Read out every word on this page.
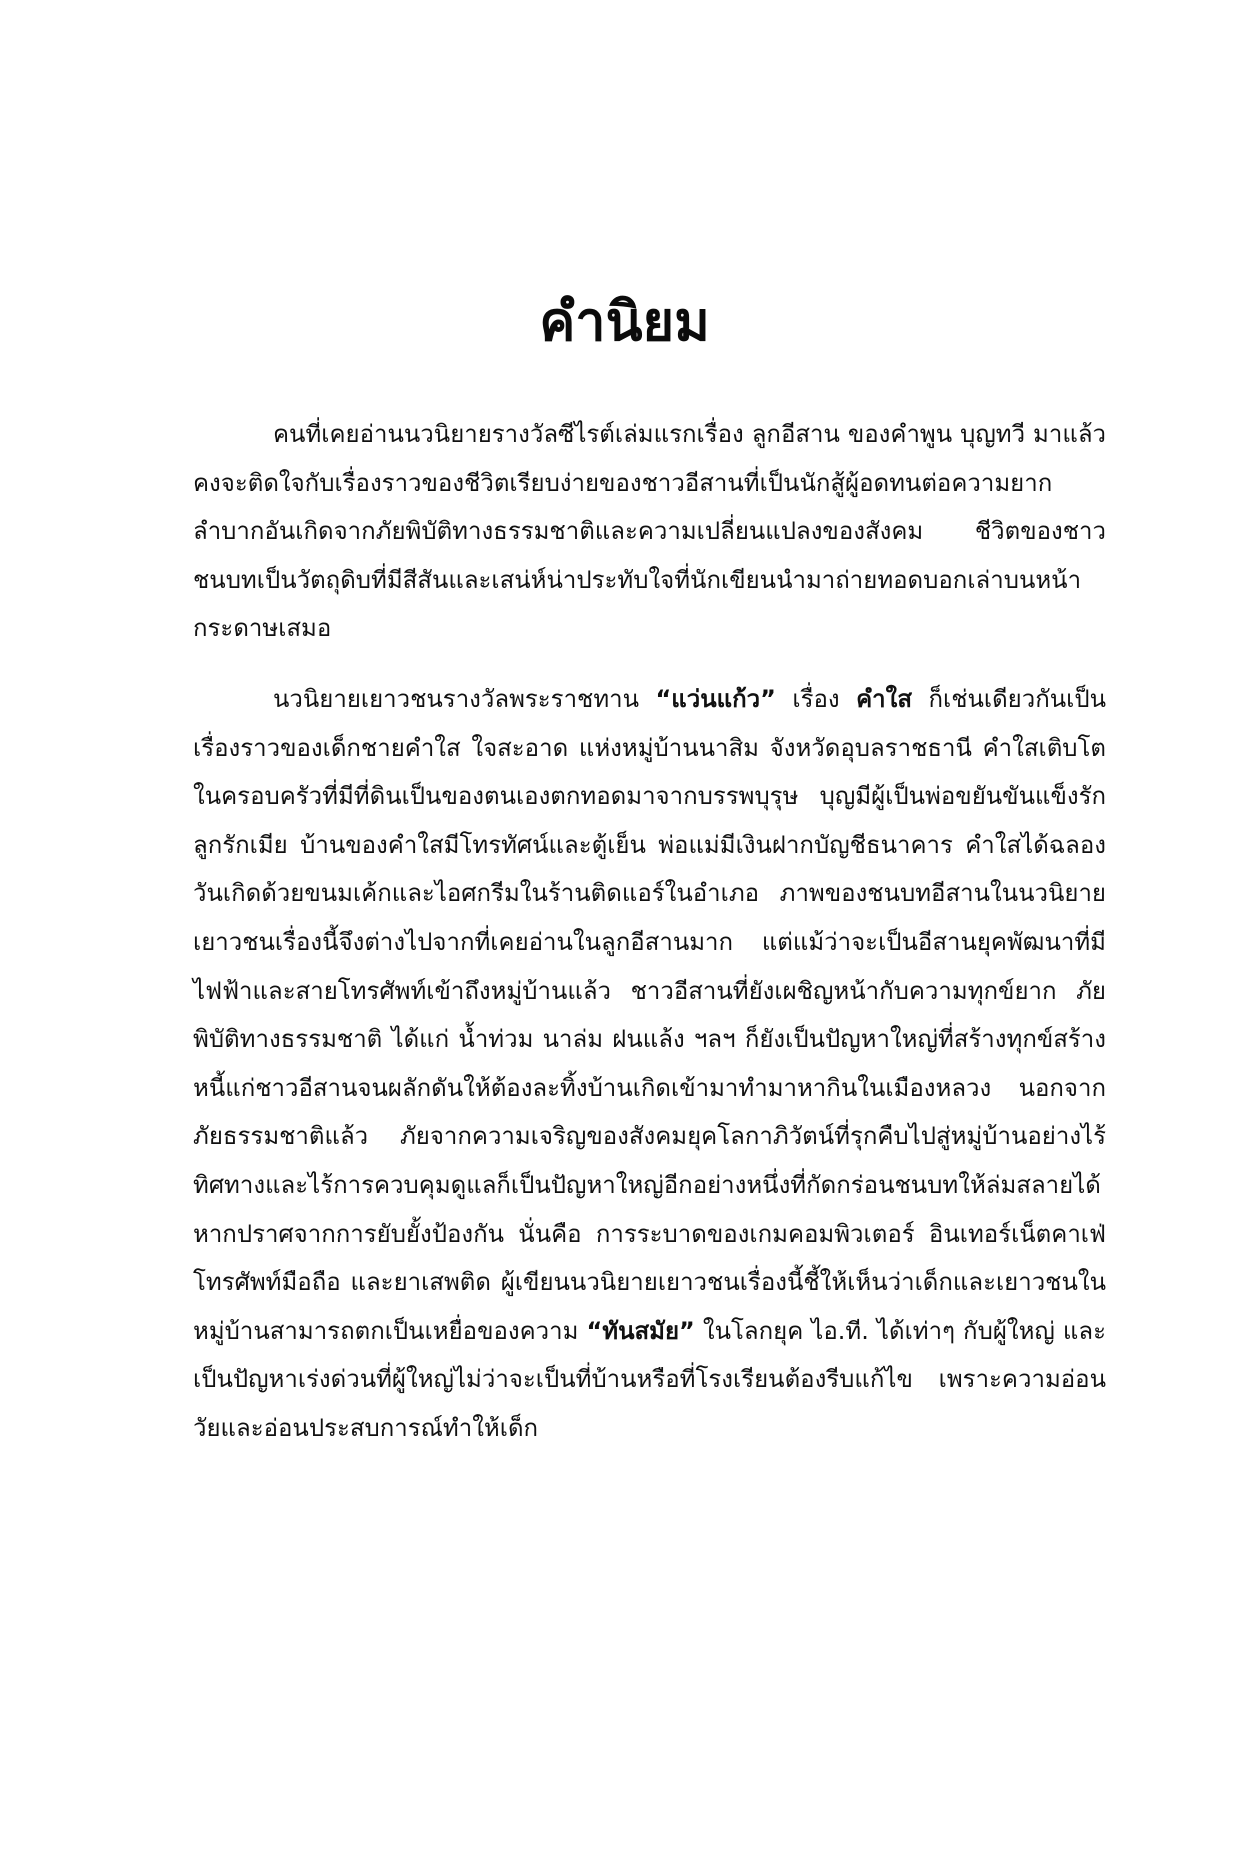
คำนิยม

คนที่เคยอ่านนวนิยายรางวัลซีไรต์เล่มแรกเรื่อง ลูกอีสาน ของคำพูน บุญทวี มาแล้ว คงจะติดใจกับเรื่องราวของชีวิตเรียบง่ายของชาวอีสานที่เป็นนักสู้ผู้อดทนต่อความยากลำบากอันเกิดจากภัยพิบัติทางธรรมชาติและความเปลี่ยนแปลงของสังคม ชีวิตของชาวชนบทเป็นวัตถุดิบที่มีสีสันและเสน่ห์น่าประทับใจที่นักเขียนนำมาถ่ายทอดบอกเล่าบนหน้ากระดาษเสมอ

นวนิยายเยาวชนรางวัลพระราชทาน “แว่นแก้ว” เรื่อง คำใส ก็เช่นเดียวกันเป็นเรื่องราวของเด็กชายคำใส ใจสะอาด แห่งหมู่บ้านนาสิม จังหวัดอุบลราชธานี คำใสเติบโตในครอบครัวที่มีที่ดินเป็นของตนเองตกทอดมาจากบรรพบุรุษ บุญมีผู้เป็นพ่อขยันขันแข็งรักลูกรักเมีย บ้านของคำใสมีโทรทัศน์และตู้เย็น พ่อแม่มีเงินฝากบัญชีธนาคาร คำใสได้ฉลองวันเกิดด้วยขนมเค้กและไอศกรีมในร้านติดแอร์ในอำเภอ ภาพของชนบทอีสานในนวนิยายเยาวชนเรื่องนี้จึงต่างไปจากที่เคยอ่านในลูกอีสานมาก แต่แม้ว่าจะเป็นอีสานยุคพัฒนาที่มีไฟฟ้าและสายโทรศัพท์เข้าถึงหมู่บ้านแล้ว ชาวอีสานที่ยังเผชิญหน้ากับความทุกข์ยาก ภัยพิบัติทางธรรมชาติ ได้แก่ น้ำท่วม นาล่ม ฝนแล้ง ฯลฯ ก็ยังเป็นปัญหาใหญ่ที่สร้างทุกข์สร้างหนี้แก่ชาวอีสานจนผลักดันให้ต้องละทิ้งบ้านเกิดเข้ามาทำมาหากินในเมืองหลวง นอกจากภัยธรรมชาติแล้ว ภัยจากความเจริญของสังคมยุคโลกาภิวัตน์ที่รุกคืบไปสู่หมู่บ้านอย่างไร้ทิศทางและไร้การควบคุมดูแลก็เป็นปัญหาใหญ่อีกอย่างหนึ่งที่กัดกร่อนชนบทให้ล่มสลายได้หากปราศจากการยับยั้งป้องกัน นั่นคือ การระบาดของเกมคอมพิวเตอร์ อินเทอร์เน็ตคาเฟ่ โทรศัพท์มือถือ และยาเสพติด ผู้เขียนนวนิยายเยาวชนเรื่องนี้ชี้ให้เห็นว่าเด็กและเยาวชนในหมู่บ้านสามารถตกเป็นเหยื่อของความ “ทันสมัย” ในโลกยุค ไอ.ที. ได้เท่าๆ กับผู้ใหญ่ และเป็นปัญหาเร่งด่วนที่ผู้ใหญ่ไม่ว่าจะเป็นที่บ้านหรือที่โรงเรียนต้องรีบแก้ไข เพราะความอ่อนวัยและอ่อนประสบการณ์ทำให้เด็ก
